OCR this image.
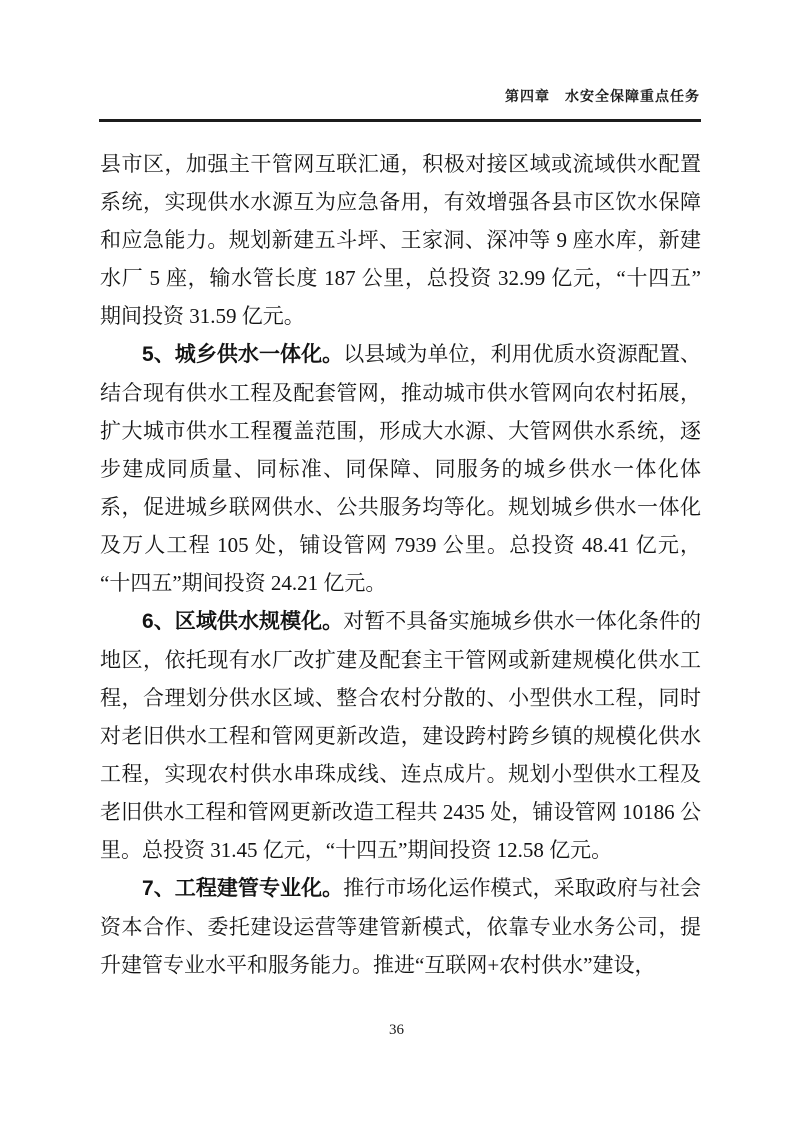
第四章　水安全保障重点任务

县市区，加强主干管网互联汇通，积极对接区域或流域供水配置系统，实现供水水源互为应急备用，有效增强各县市区饮水保障和应急能力。规划新建五斗坪、王家洞、深冲等 9 座水库，新建水厂 5 座，输水管长度 187 公里，总投资 32.99 亿元，“十四五”期间投资 31.59 亿元。

5、城乡供水一体化。以县域为单位，利用优质水资源配置、结合现有供水工程及配套管网，推动城市供水管网向农村拓展，扩大城市供水工程覆盖范围，形成大水源、大管网供水系统，逐步建成同质量、同标准、同保障、同服务的城乡供水一体化体系，促进城乡联网供水、公共服务均等化。规划城乡供水一体化及万人工程 105 处，铺设管网 7939 公里。总投资 48.41 亿元，“十四五”期间投资 24.21 亿元。

6、区域供水规模化。对暂不具备实施城乡供水一体化条件的地区，依托现有水厂改扩建及配套主干管网或新建规模化供水工程，合理划分供水区域、整合农村分散的、小型供水工程，同时对老旧供水工程和管网更新改造，建设跨村跨乡镇的规模化供水工程，实现农村供水串珠成线、连点成片。规划小型供水工程及老旧供水工程和管网更新改造工程共 2435 处，铺设管网 10186 公里。总投资 31.45 亿元，“十四五”期间投资 12.58 亿元。

7、工程建管专业化。推行市场化运作模式，采取政府与社会资本合作、委托建设运营等建管新模式，依靠专业水务公司，提升建管专业水平和服务能力。推进“互联网+农村供水”建设，

36
